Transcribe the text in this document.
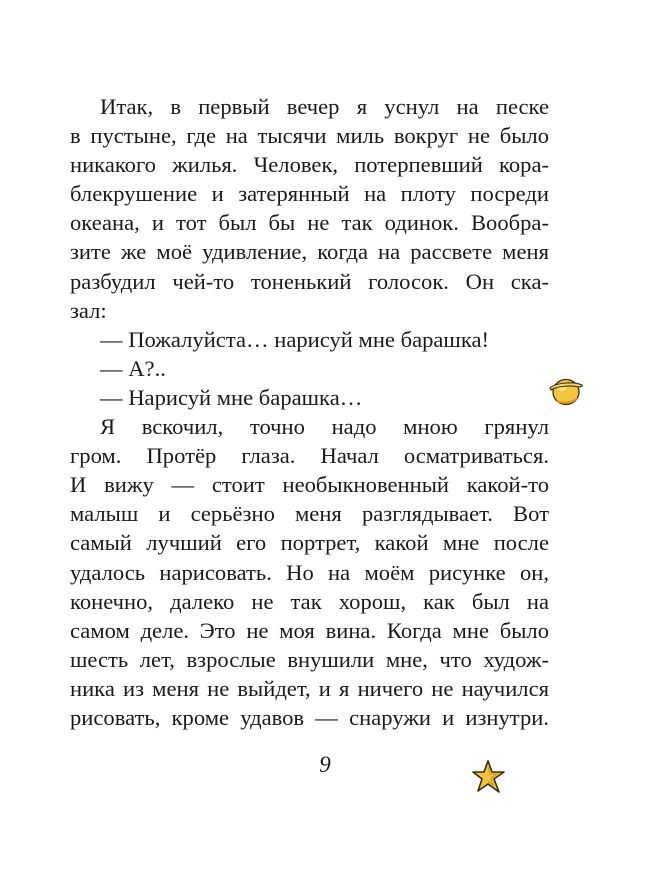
Итак, в первый вечер я уснул на песке
в пустыне, где на тысячи миль вокруг не было
никакого жилья. Человек, потерпевший кора-
блекрушение и затерянный на плоту посреди
океана, и тот был бы не так одинок. Вообра-
зите же моё удивление, когда на рассвете меня
разбудил чей-то тоненький голосок. Он ска-
зал:
— Пожалуйста… нарисуй мне барашка!
— А?..
— Нарисуй мне барашка…
Я вскочил, точно надо мною грянул
гром. Протёр глаза. Начал осматриваться.
И вижу — стоит необыкновенный какой-то
малыш и серьёзно меня разглядывает. Вот
самый лучший его портрет, какой мне после
удалось нарисовать. Но на моём рисунке он,
конечно, далеко не так хорош, как был на
самом деле. Это не моя вина. Когда мне было
шесть лет, взрослые внушили мне, что худож-
ника из меня не выйдет, и я ничего не научился
рисовать, кроме удавов — снаружи и изнутри.
9
